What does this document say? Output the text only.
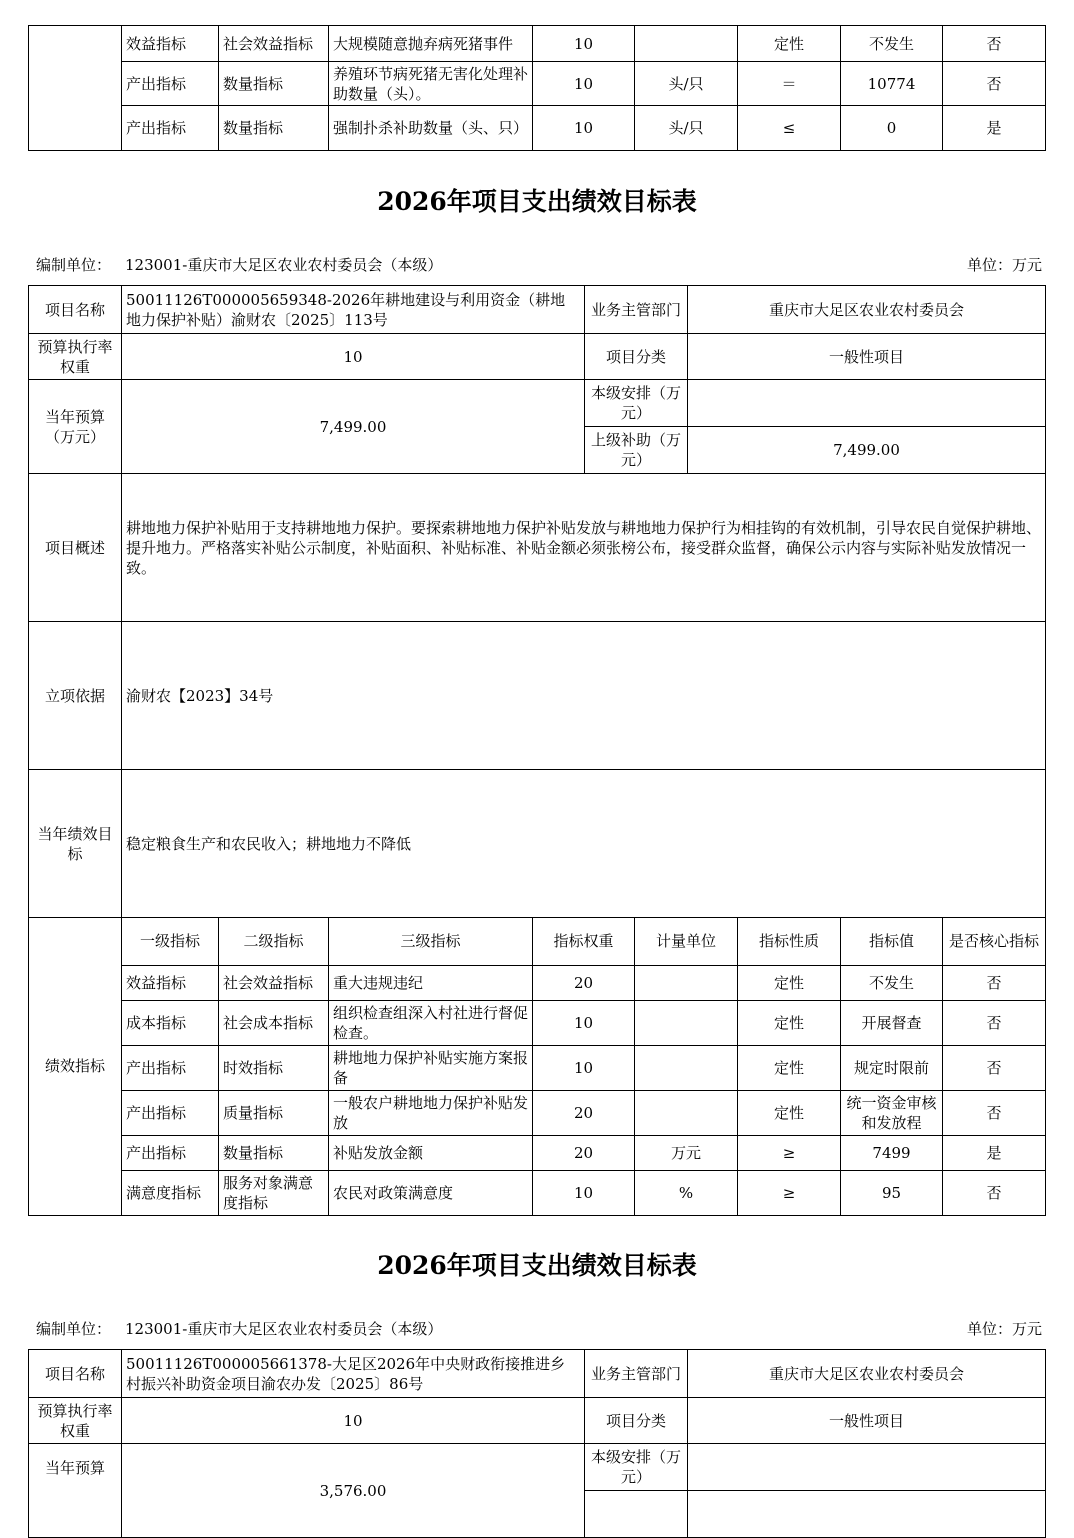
	效益指标	社会效益指标	大规模随意抛弃病死猪事件	10		定性	不发生	否
	产出指标	数量指标	养殖环节病死猪无害化处理补助数量（头）。	10	头/只	＝	10774	否
	产出指标	数量指标	强制扑杀补助数量（头、只）	10	头/只	≤	0	是
2026年项目支出绩效目标表
编制单位： 123001-重庆市大足区农业农村委员会（本级）	单位：万元
项目名称	50011126T000005659348-2026年耕地建设与利用资金（耕地地力保护补贴）渝财农〔2025〕113号	业务主管部门	重庆市大足区农业农村委员会
预算执行率权重	10	项目分类	一般性项目
当年预算（万元）	7,499.00	本级安排（万元）	
		上级补助（万元）	7,499.00
项目概述	耕地地力保护补贴用于支持耕地地力保护。要探索耕地地力保护补贴发放与耕地地力保护行为相挂钩的有效机制，引导农民自觉保护耕地、提升地力。严格落实补贴公示制度，补贴面积、补贴标准、补贴金额必须张榜公布，接受群众监督，确保公示内容与实际补贴发放情况一致。		
立项依据	渝财农【2023】34号		
当年绩效目标	稳定粮食生产和农民收入；耕地地力不降低		
绩效指标	一级指标	二级指标	三级指标	指标权重	计量单位	指标性质	指标值	是否核心指标
	效益指标	社会效益指标	重大违规违纪	20		定性	不发生	否
	成本指标	社会成本指标	组织检查组深入村社进行督促检查。	10		定性	开展督查	否
	产出指标	时效指标	耕地地力保护补贴实施方案报备	10		定性	规定时限前	否
	产出指标	质量指标	一般农户耕地地力保护补贴发放	20		定性	统一资金审核和发放程	否
	产出指标	数量指标	补贴发放金额	20	万元	≥	7499	是
	满意度指标	服务对象满意度指标	农民对政策满意度	10	%	≥	95	否
2026年项目支出绩效目标表
编制单位： 123001-重庆市大足区农业农村委员会（本级）	单位：万元
项目名称	50011126T000005661378-大足区2026年中央财政衔接推进乡村振兴补助资金项目渝农办发〔2025〕86号	业务主管部门	重庆市大足区农业农村委员会
预算执行率权重	10	项目分类	一般性项目
当年预算	3,576.00	本级安排（万元）	
